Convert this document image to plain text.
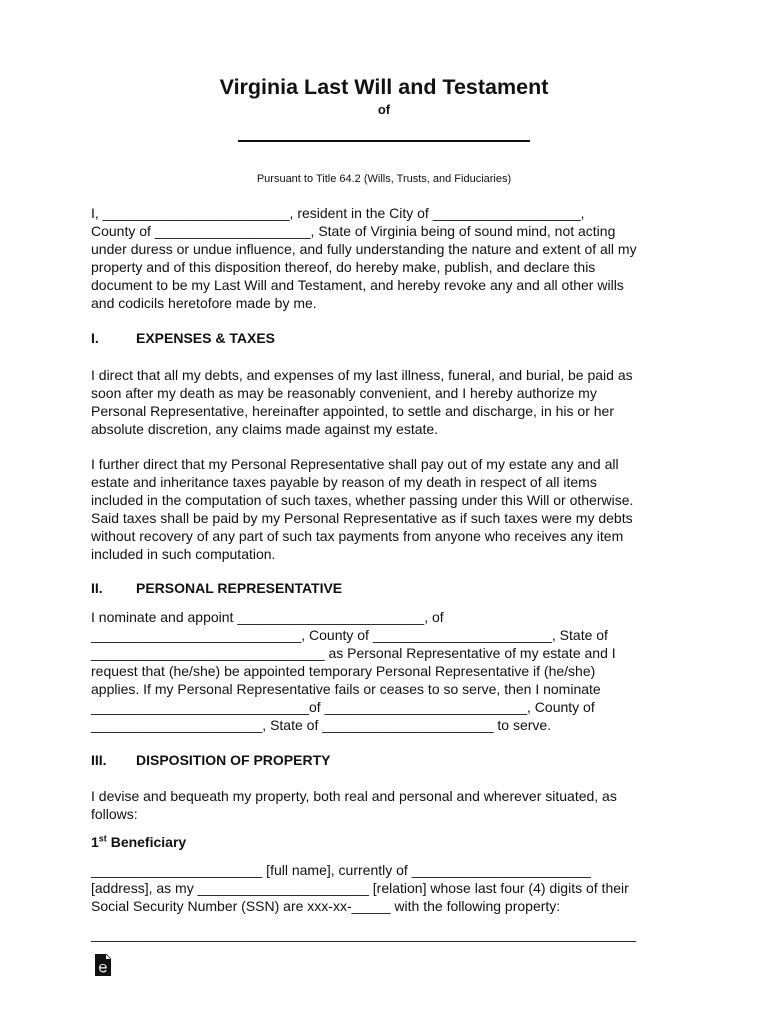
Virginia Last Will and Testament
of
Pursuant to Title 64.2 (Wills, Trusts, and Fiduciaries)
I, ________________________, resident in the City of ___________________,
County of ____________________, State of Virginia being of sound mind, not acting
under duress or undue influence, and fully understanding the nature and extent of all my
property and of this disposition thereof, do hereby make, publish, and declare this
document to be my Last Will and Testament, and hereby revoke any and all other wills
and codicils heretofore made by me.
I.	EXPENSES & TAXES
I direct that all my debts, and expenses of my last illness, funeral, and burial, be paid as
soon after my death as may be reasonably convenient, and I hereby authorize my
Personal Representative, hereinafter appointed, to settle and discharge, in his or her
absolute discretion, any claims made against my estate.
I further direct that my Personal Representative shall pay out of my estate any and all
estate and inheritance taxes payable by reason of my death in respect of all items
included in the computation of such taxes, whether passing under this Will or otherwise.
Said taxes shall be paid by my Personal Representative as if such taxes were my debts
without recovery of any part of such tax payments from anyone who receives any item
included in such computation.
II. PERSONAL REPRESENTATIVE
I nominate and appoint ________________________, of
___________________________, County of _______________________, State of
______________________________ as Personal Representative of my estate and I
request that (he/she) be appointed temporary Personal Representative if (he/she)
applies. If my Personal Representative fails or ceases to so serve, then I nominate
____________________________of __________________________, County of
______________________, State of ______________________ to serve.
III. DISPOSITION OF PROPERTY
I devise and bequeath my property, both real and personal and wherever situated, as
follows:
1st Beneficiary
______________________ [full name], currently of _______________________
[address], as my ______________________ [relation] whose last four (4) digits of their
Social Security Number (SSN) are xxx-xx-_____ with the following property:
______________________________________________________________________
